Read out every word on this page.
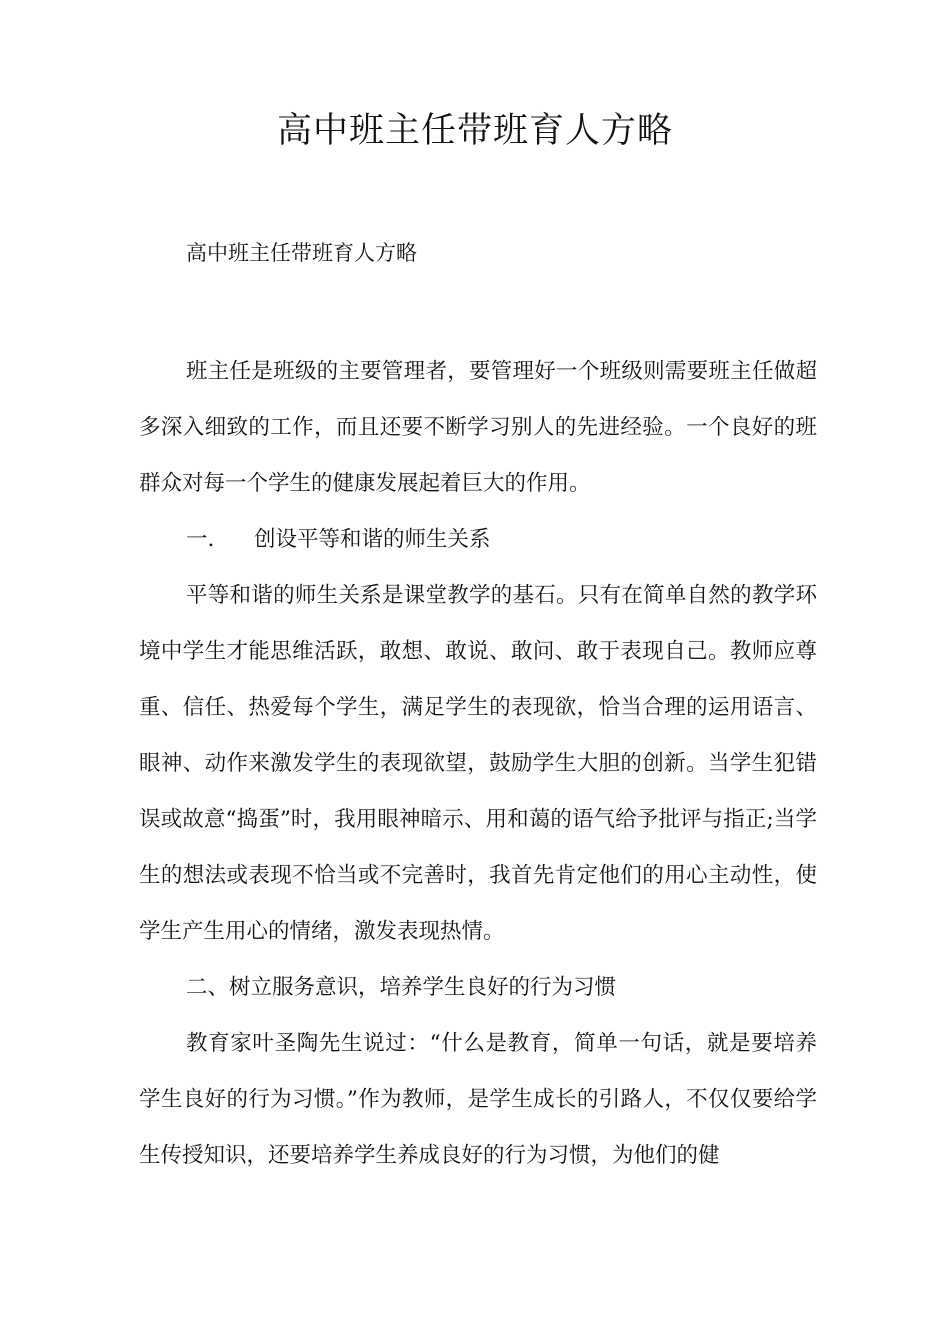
高中班主任带班育人方略

高中班主任带班育人方略

班主任是班级的主要管理者，要管理好一个班级则需要班主任做超多深入细致的工作，而且还要不断学习别人的先进经验。一个良好的班群众对每一个学生的健康发展起着巨大的作用。

一.	创设平等和谐的师生关系

平等和谐的师生关系是课堂教学的基石。只有在简单自然的教学环境中学生才能思维活跃，敢想、敢说、敢问、敢于表现自己。教师应尊重、信任、热爱每个学生，满足学生的表现欲，恰当合理的运用语言、眼神、动作来激发学生的表现欲望，鼓励学生大胆的创新。当学生犯错误或故意“捣蛋”时，我用眼神暗示、用和蔼的语气给予批评与指正;当学生的想法或表现不恰当或不完善时，我首先肯定他们的用心主动性，使学生产生用心的情绪，激发表现热情。

二、树立服务意识，培养学生良好的行为习惯

教育家叶圣陶先生说过：“什么是教育，简单一句话，就是要培养学生良好的行为习惯。”作为教师，是学生成长的引路人，不仅仅要给学生传授知识，还要培养学生养成良好的行为习惯，为他们的健
